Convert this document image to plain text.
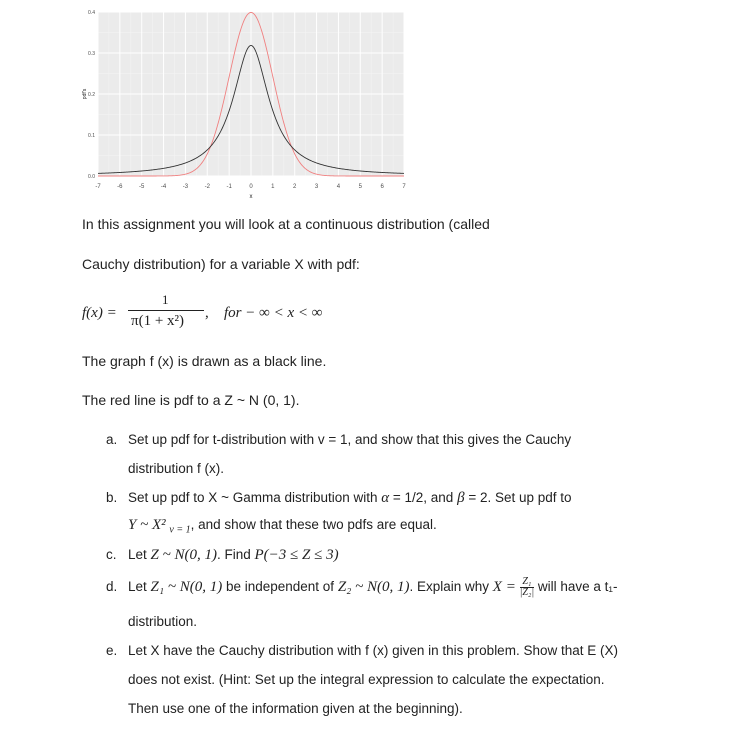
-7	-6	-5	-4	-3	-2	-1	0	1	2	3	4	5	6	7
0.0
0.1
0.2
0.3
0.4
x
pdf's
In this assignment you will look at a continuous distribution (called
Cauchy distribution) for a variable X with pdf:
f(x) =
1
π(1 + x²) , for − ∞ < x < ∞
The graph f (x) is drawn as a black line.
The red line is pdf to a Z ~ N (0, 1).
a. Set up pdf for t-distribution with v = 1, and show that this gives the Cauchy
distribution f (x).
b. Set up pdf to X ~ Gamma distribution with α = 1/2, and β = 2. Set up pdf to
Y ~ X² $_{v = 1}$, and show that these two pdfs are equal.
c. Let Z ~ N(0, 1). Find P(−3 ≤ Z ≤ 3)
d. Let Z₁ ~ N(0, 1) be independent of Z₂ ~ N(0, 1). Explain why $X = \frac{\text{Z₁}}{\text{|Z₂|}}$ will have a t₁-
distribution.
e. Let X have the Cauchy distribution with f (x) given in this problem. Show that E (X)
does not exist. (Hint: Set up the integral expression to calculate the expectation.
Then use one of the information given at the beginning).
